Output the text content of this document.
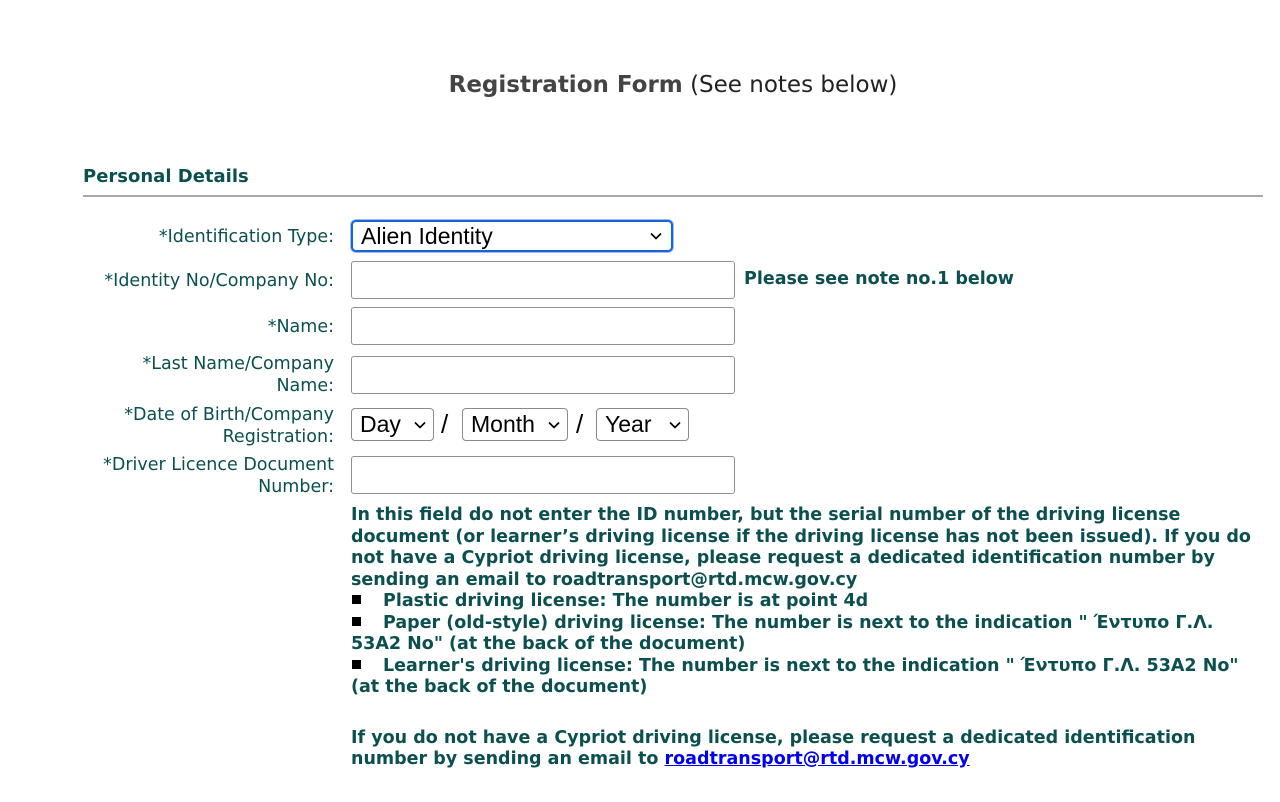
Registration Form (See notes below)
Personal Details
*Identification Type: Alien Identity
*Identity No/Company No:	Please see note no.1 below
*Name:
*Last Name/Company
Name:
*Date of Birth/Company
Registration: Day / Month / Year
*Driver Licence Document
Number:

In this field do not enter the ID number, but the serial number of the driving license document (or learner’s driving license if the driving license has not been issued). If you do not have a Cypriot driving license, please request a dedicated identification number by sending an email to roadtransport@rtd.mcw.gov.cy

Plastic driving license: The number is at point 4d

Paper (old-style) driving license: The number is next to the indication " Έντυπο Γ.Λ. 53Α2 No" (at the back of the document)

Learner's driving license: The number is next to the indication " Έντυπο Γ.Λ. 53Α2 No" (at the back of the document)

If you do not have a Cypriot driving license, please request a dedicated identification number by sending an email to roadtransport@rtd.mcw.gov.cy
